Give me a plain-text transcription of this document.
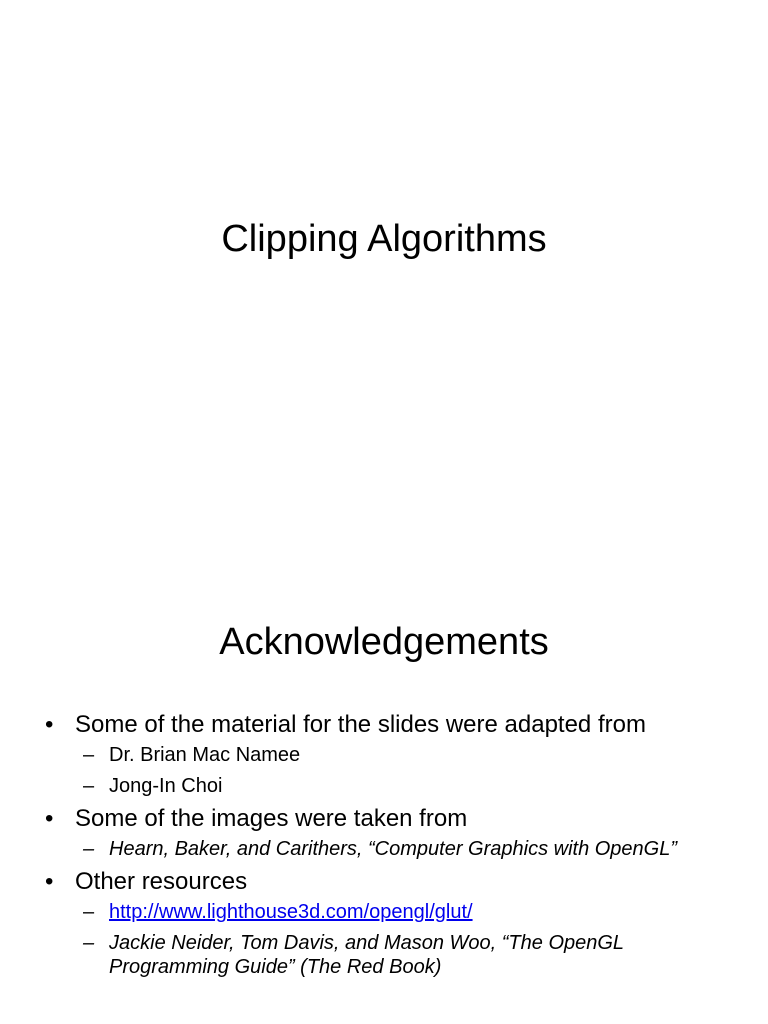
Clipping Algorithms
Acknowledgements
• Some of the material for the slides were adapted from
– Dr. Brian Mac Namee
– Jong-In Choi
• Some of the images were taken from
– Hearn, Baker, and Carithers, “Computer Graphics with OpenGL”
• Other resources
– http://www.lighthouse3d.com/opengl/glut/
– Jackie Neider, Tom Davis, and Mason Woo, “The OpenGL Programming Guide” (The Red Book)
